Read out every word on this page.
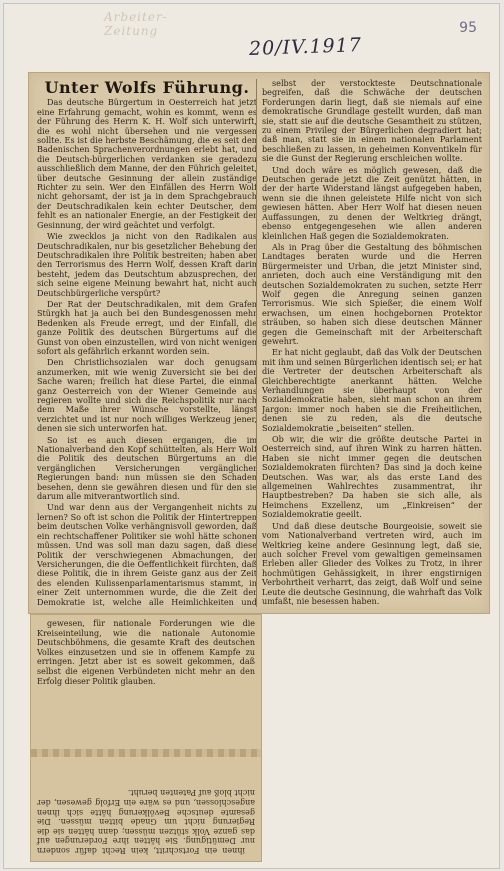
Arbeiter-Zeitung	95
20/IV.1917
Unter Wolfs Führung.

Das deutsche Bürgertum in Oesterreich hat jetzt eine Erfahrung gemacht, wohin es kommt, wenn es der Führung des Herrn K. H. Wolf sich unterwirft, die es wohl nicht übersehen und nie vergessen sollte. Es ist die herbste Beschämung, die es seit den Badenischen Sprachenverordnungen erlebt hat, und die Deutsch-bürgerlichen verdanken sie geradezu ausschließlich dem Manne, der den Führich geleitet, über deutsche Gesinnung der allein zuständige Richter zu sein. Wer den Einfällen des Herrn Wolf nicht gehorsamt, der ist ja in dem Sprachgebrauch der Deutschradikalen kein echter Deutscher, dem fehlt es an nationaler Energie, an der Festigkeit der Gesinnung, der wird geächtet und verfolgt.

Wie zwecklos ja nicht von den Radikalen aus Deutschradikalen, nur bis gesetzlicher Behebung der Deutschradikalen ihre Politik bestreiten; haben aber den Terrorismus des Herrn Wolf, dessen Kraft darin besteht, jedem das Deutschtum abzusprechen, der sich seine eigene Meinung bewahrt hat, nicht auch Deutschbürgerliche verspürt?

Der Rat der Deutschradikalen, mit dem Grafen Stürgkh hat ja auch bei den Bundesgenossen mehr Bedenken als Freude erregt, und der Einfall, die ganze Politik des deutschen Bürgertums auf die Gunst von oben einzustellen, wird von nicht wenigen sofort als gefährlich erkannt worden sein.

Den Christlichsozialen war doch genugsam anzumerken, mit wie wenig Zuversicht sie bei der Sache waren; freilich hat diese Partei, die einmal ganz Oesterreich von der Wiener Gemeinde aus regieren wollte und sich die Reichspolitik nur nach dem Maße ihrer Wünsche vorstellte, längst verzichtet und ist nur noch williges Werkzeug jener, denen sie sich unterworfen hat.

So ist es auch diesen ergangen, die im Nationalverband den Kopf schüttelten, als Herr Wolf die Politik des deutschen Bürgertums an die vergänglichen Versicherungen vergänglicher Regierungen band: nun müssen sie den Schaden besehen, denn sie gewähren diesen und für den sie darum alle mitverantwortlich sind.

Und war denn aus der Vergangenheit nichts zu lernen? So oft ist schon die Politik der Hintertreppen beim deutschen Volke verhängnisvoll geworden, daß ein rechtschaffener Politiker sie wohl hätte schonen müssen. Und was soll man dazu sagen, daß diese Politik der verschwiegenen Abmachungen, der Versicherungen, die die Oeffentlichkeit fürchten, daß diese Politik, die in ihrem Geiste ganz aus der Zeit des elenden Kulissenparlamentarismus stammt, in einer Zeit unternommen wurde, die die Zeit der Demokratie ist, welche alle Heimlichkeiten und

selbst der verstockteste Deutschnationale begreifen, daß die Schwäche der deutschen Forderungen darin liegt, daß sie niemals auf eine demokratische Grundlage gestellt wurden, daß man sie, statt sie auf die deutsche Gesamtheit zu stützen, zu einem Privileg der Bürgerlichen degradiert hat; daß man, statt sie in einem nationalen Parlament beschließen zu lassen, in geheimen Konventikeln für sie die Gunst der Regierung erschleichen wollte.

Und doch wäre es möglich gewesen, daß die Deutschen gerade jetzt die Zeit genützt hätten, in der der harte Widerstand längst aufgegeben haben, wenn sie die ihnen geleistete Hilfe nicht von sich gewiesen hätten. Aber Herr Wolf hat diesen neuen Auffassungen, zu denen der Weltkrieg drängt, ebenso entgegengesehen wie allen anderen kleinlichen Haß gegen die Sozialdemokraten.

Als in Prag über die Gestaltung des böhmischen Landtages beraten wurde und die Herren Bürgermeister und Urban, die jetzt Minister sind, anrieten, doch auch eine Verständigung mit den deutschen Sozialdemokraten zu suchen, setzte Herr Wolf gegen die Anregung seinen ganzen Terrorismus. Wie sich Spießer, die einem Wolf erwachsen, um einen hochgebornen Protektor sträuben, so haben sich diese deutschen Männer gegen die Gemeinschaft mit der Arbeiterschaft gewehrt.

Er hat nicht geglaubt, daß das Volk der Deutschen mit ihm und seinen Bürgerlichen identisch sei; er hat die Vertreter der deutschen Arbeiterschaft als Gleichberechtigte anerkannt hätten. Welche Verhandlungen sie überhaupt von der Sozialdemokratie haben, sieht man schon an ihrem Jargon: immer noch haben sie die Freiheitlichen, denen sie zu reden, als die deutsche Sozialdemokratie „beiseiten“ stellen.

Ob wir, die wir die größte deutsche Partei in Oesterreich sind, auf ihren Wink zu harren hätten. Haben sie nicht immer gegen die deutschen Sozialdemokraten fürchten? Das sind ja doch keine Deutschen. Was war, als das erste Land des allgemeinen Wahlrechtes zusammentrat, ihr Hauptbestreben? Da haben sie sich alle, als Heimchens Exzellenz, um „Einkreisen“ der Sozialdemokratie geeilt.

Und daß diese deutsche Bourgeoisie, soweit sie vom Nationalverband vertreten wird, auch im Weltkrieg keine andere Gesinnung legt, daß sie, auch solcher Frevel vom gewaltigen gemeinsamen Erleben aller Glieder des Volkes zu Trotz, in ihrer hochmütigen Gehässigkeit, in ihrer engstirnigen Verbohrtheit verharrt, das zeigt, daß Wolf und seine Leute die deutsche Gesinnung, die wahrhaft das Volk umfaßt, nie besessen haben.

gewesen, für nationale Forderungen wie die Kreiseinteilung, wie die nationale Autonomie Deutschböhmens, die gesamte Kraft des deutschen Volkes einzusetzen und sie in offenem Kampfe zu erringen. Jetzt aber ist es soweit gekommen, daß selbst die eigenen Verbündeten nicht mehr an den Erfolg dieser Politik glauben.

ihnen ein Fortschritt, kein Recht dafür sondern nur Demütigung. Sie hätten ihre Forderungen auf das ganze Volk stützen müssen; dann hätten sie die Regierung nicht um Gnade bitten müssen. Die gesamte deutsche Bevölkerung hätte sich ihnen angeschlossen, und es wäre ein Erfolg gewesen, der nicht bloß auf Patenten beruht.
